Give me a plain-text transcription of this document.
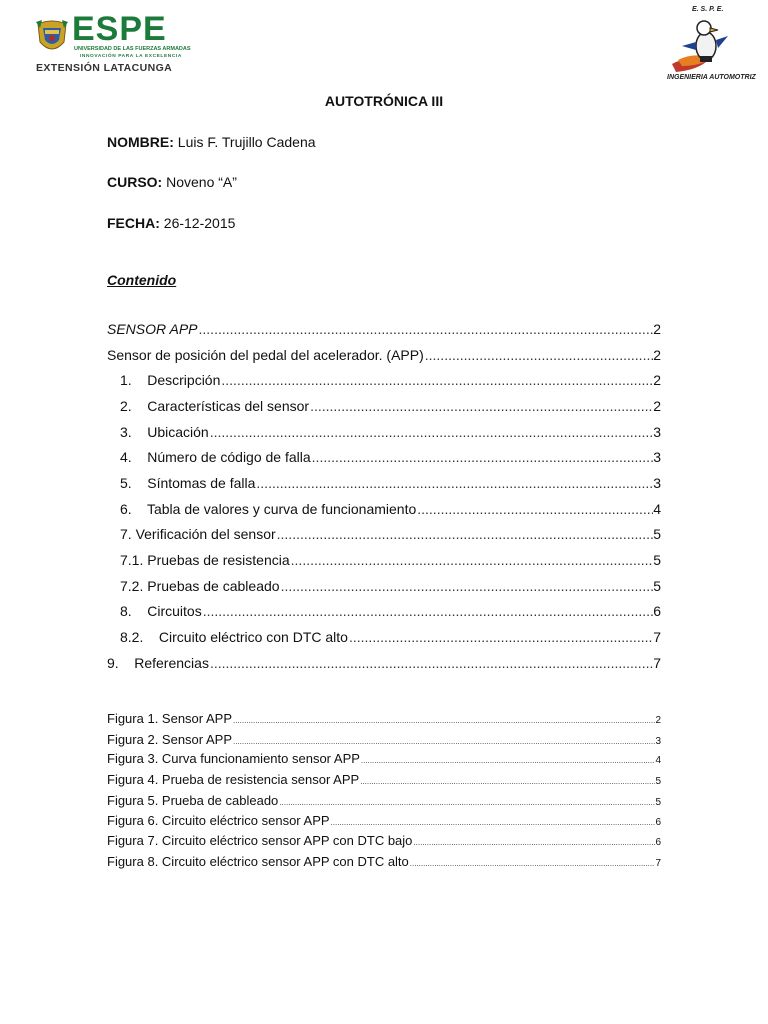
ESPE
UNIVERSIDAD DE LAS FUERZAS ARMADAS
INNOVACIÓN PARA LA EXCELENCIA
EXTENSIÓN LATACUNGA
E. S. P. E.
INGENIERIA AUTOMOTRIZ
AUTOTRÓNICA III
NOMBRE: Luis F. Trujillo Cadena
CURSO: Noveno “A”
FECHA: 26-12-2015
Contenido
SENSOR APP .....	2
Sensor de posición del pedal del acelerador. (APP) .....	2
1.    Descripción .....	2
2.    Características del sensor .....	2
3.    Ubicación .....	3
4.    Número de código de falla .....	3
5.    Síntomas de falla .....	3
6.    Tabla de valores y curva de funcionamiento .....	4
7. Verificación del sensor .....	5
7.1. Pruebas de resistencia .....	5
7.2. Pruebas de cableado .....	5
8.    Circuitos .....	6
8.2.    Circuito eléctrico con DTC alto .....	7
9.    Referencias .....	7
Figura 1. Sensor APP .....	2
Figura 2. Sensor APP .....	3
Figura 3. Curva funcionamiento sensor APP .....	4
Figura 4. Prueba de resistencia sensor APP .....	5
Figura 5. Prueba de cableado .....	5
Figura 6. Circuito eléctrico sensor APP .....	6
Figura 7. Circuito eléctrico sensor APP con DTC bajo .....	6
Figura 8. Circuito eléctrico sensor APP con DTC alto .....	7
